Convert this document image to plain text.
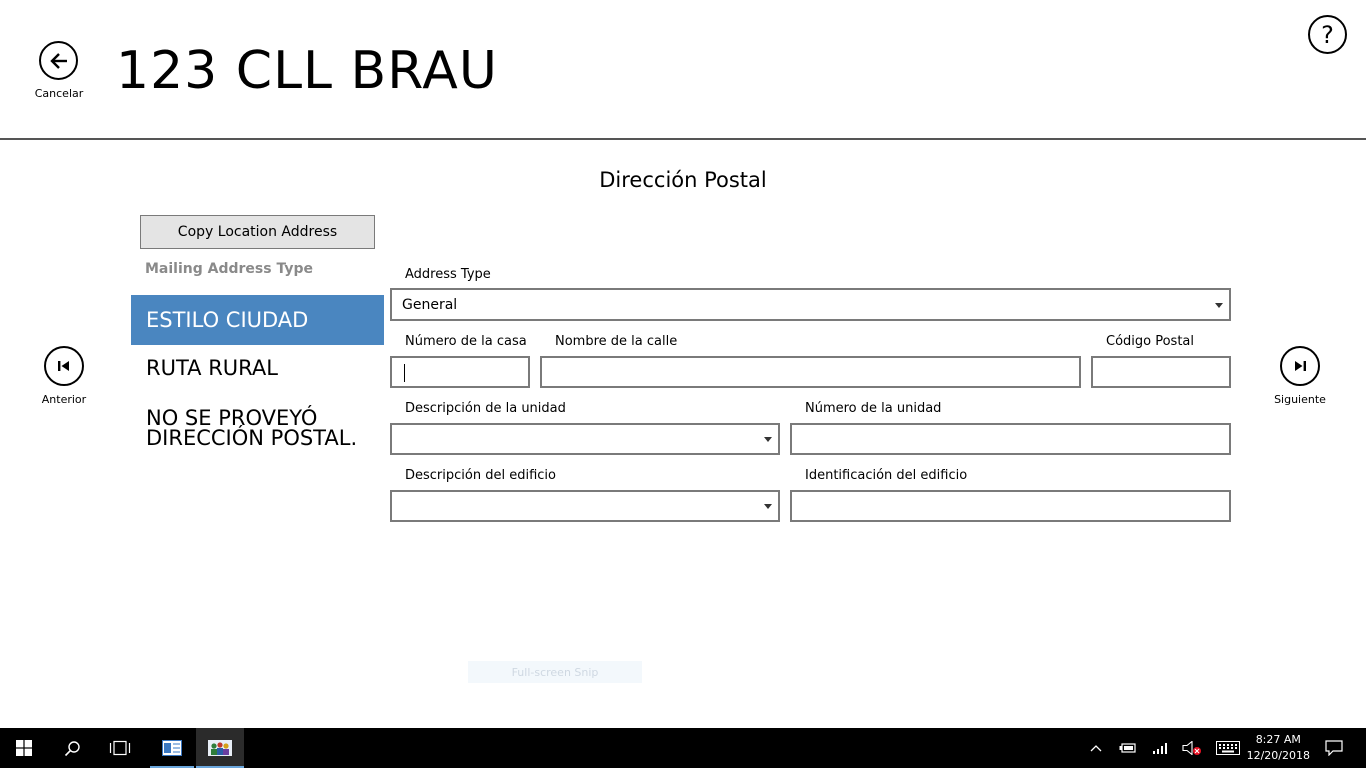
Cancelar 123 CLL BRAU
?
Dirección Postal
Copy Location Address
Mailing Address Type
ESTILO CIUDAD
RUTA RURAL
NO SE PROVEYÓ DIRECCIÓN POSTAL.
Anterior	Siguiente
Address Type
General
Número de la casa Nombre de la calle	Código Postal
Descripción de la unidad	Número de la unidad
Descripción del edificio	Identificación del edificio
Full-screen Snip
8:27 AM
12/20/2018
